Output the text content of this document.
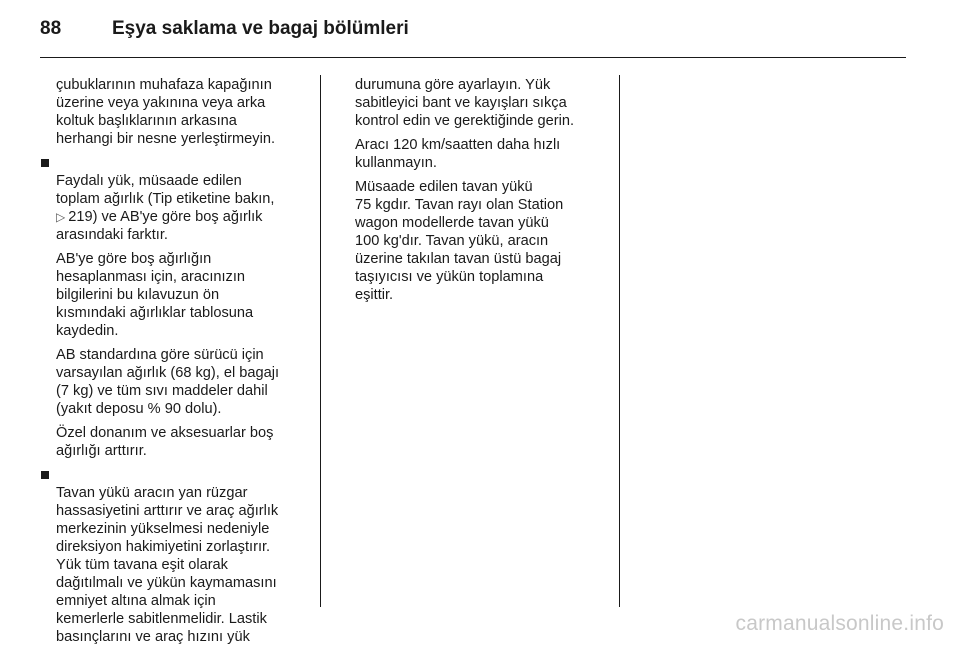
88	Eşya saklama ve bagaj bölümleri

çubuklarının muhafaza kapağının
üzerine veya yakınına veya arka
koltuk başlıklarının arkasına
herhangi bir nesne yerleştirmeyin.

Faydalı yük, müsaade edilen
toplam ağırlık (Tip etiketine bakın,
▷ 219) ve AB'ye göre boş ağırlık
arasındaki farktır.

AB'ye göre boş ağırlığın
hesaplanması için, aracınızın
bilgilerini bu kılavuzun ön
kısmındaki ağırlıklar tablosuna
kaydedin.

AB standardına göre sürücü için
varsayılan ağırlık (68 kg), el bagajı
(7 kg) ve tüm sıvı maddeler dahil
(yakıt deposu % 90 dolu).

Özel donanım ve aksesuarlar boş
ağırlığı arttırır.

Tavan yükü aracın yan rüzgar
hassasiyetini arttırır ve araç ağırlık
merkezinin yükselmesi nedeniyle
direksiyon hakimiyetini zorlaştırır.
Yük tüm tavana eşit olarak
dağıtılmalı ve yükün kaymamasını
emniyet altına almak için
kemerlerle sabitlenmelidir. Lastik
basınçlarını ve araç hızını yük

durumuna göre ayarlayın. Yük
sabitleyici bant ve kayışları sıkça
kontrol edin ve gerektiğinde gerin.

Aracı 120 km/saatten daha hızlı
kullanmayın.

Müsaade edilen tavan yükü
75 kgdır. Tavan rayı olan Station
wagon modellerde tavan yükü
100 kg'dır. Tavan yükü, aracın
üzerine takılan tavan üstü bagaj
taşıyıcısı ve yükün toplamına
eşittir.

carmanualsonline.info
